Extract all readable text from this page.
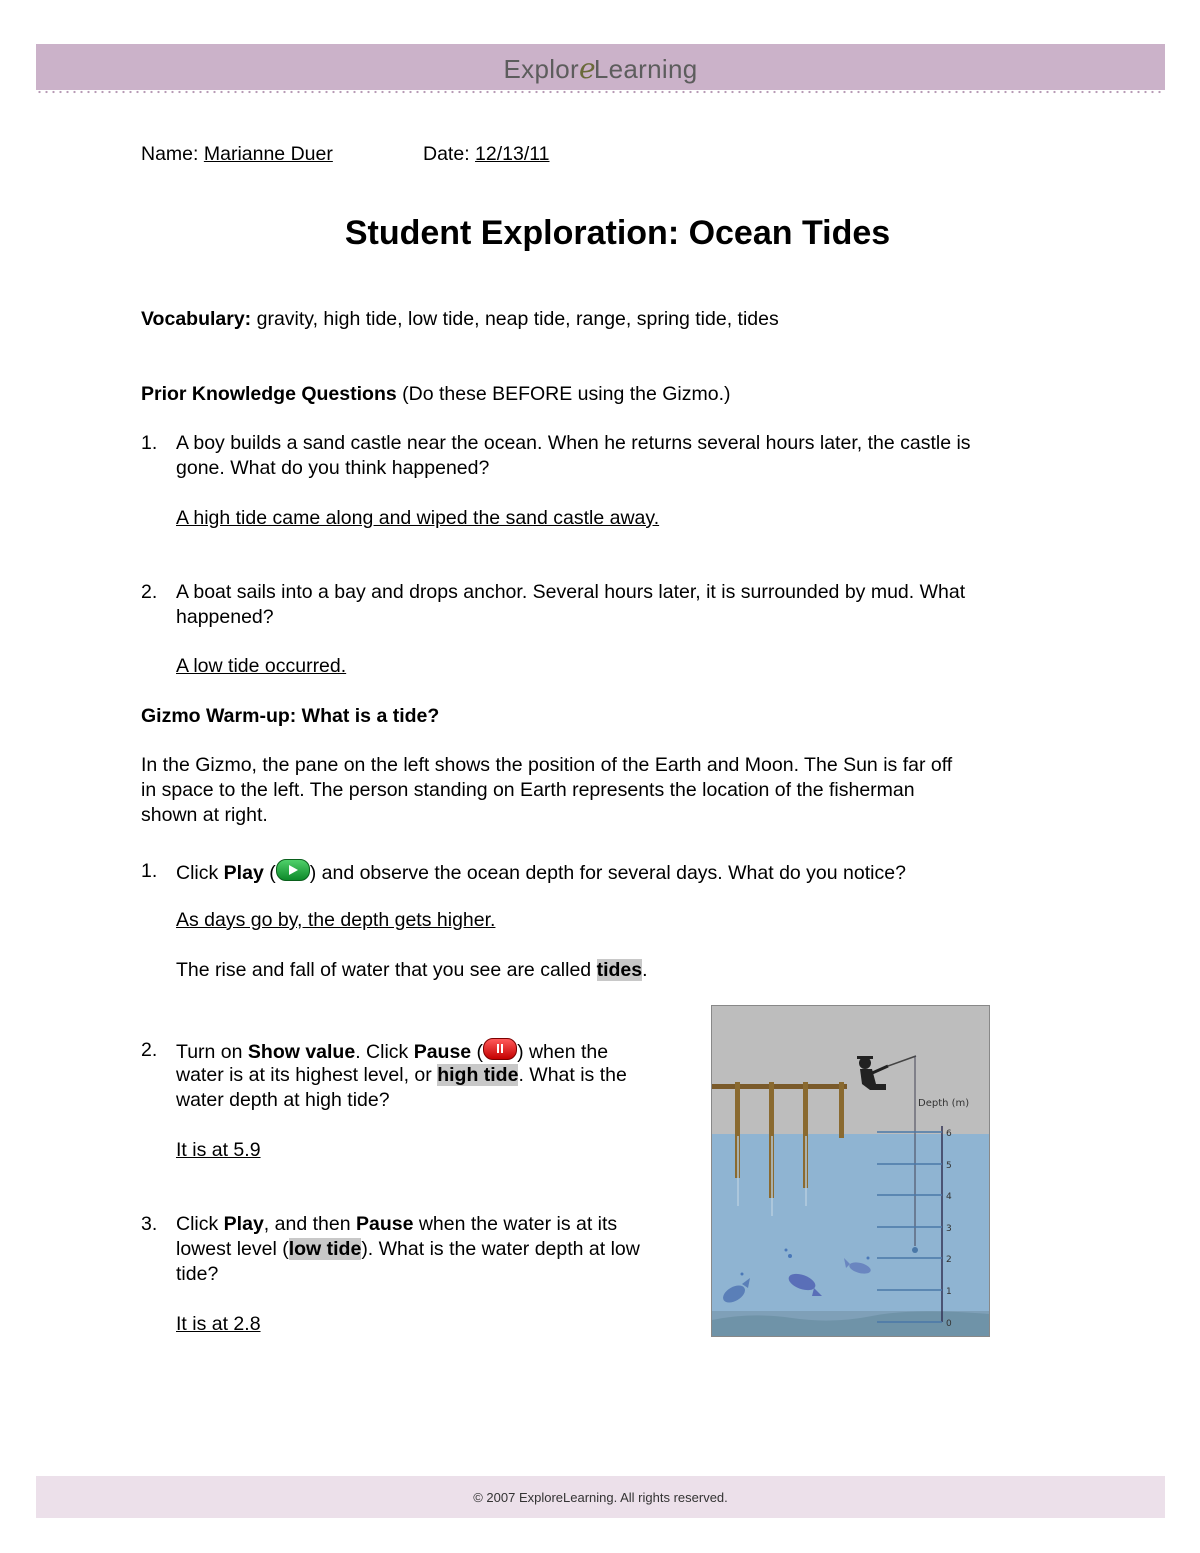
ExploreLearning
Name: Marianne Duer	Date: 12/13/11
Student Exploration: Ocean Tides
Vocabulary: gravity, high tide, low tide, neap tide, range, spring tide, tides
Prior Knowledge Questions (Do these BEFORE using the Gizmo.)
1. A boy builds a sand castle near the ocean. When he returns several hours later, the castle is
gone. What do you think happened?
A high tide came along and wiped the sand castle away.
2. A boat sails into a bay and drops anchor. Several hours later, it is surrounded by mud. What
happened?
A low tide occurred.
Gizmo Warm-up: What is a tide?
In the Gizmo, the pane on the left shows the position of the Earth and Moon. The Sun is far off
in space to the left. The person standing on Earth represents the location of the fisherman
shown at right.
1. Click Play ( ) and observe the ocean depth for several days. What do you notice?
As days go by, the depth gets higher.
The rise and fall of water that you see are called tides.
2. Turn on Show value. Click Pause ( ) when the
water is at its highest level, or high tide. What is the
water depth at high tide?
It is at 5.9
3. Click Play, and then Pause when the water is at its
lowest level (low tide). What is the water depth at low
tide?
It is at 2.8
Depth (m)
6
5
4
3
2
1
0
© 2007 ExploreLearning. All rights reserved.
